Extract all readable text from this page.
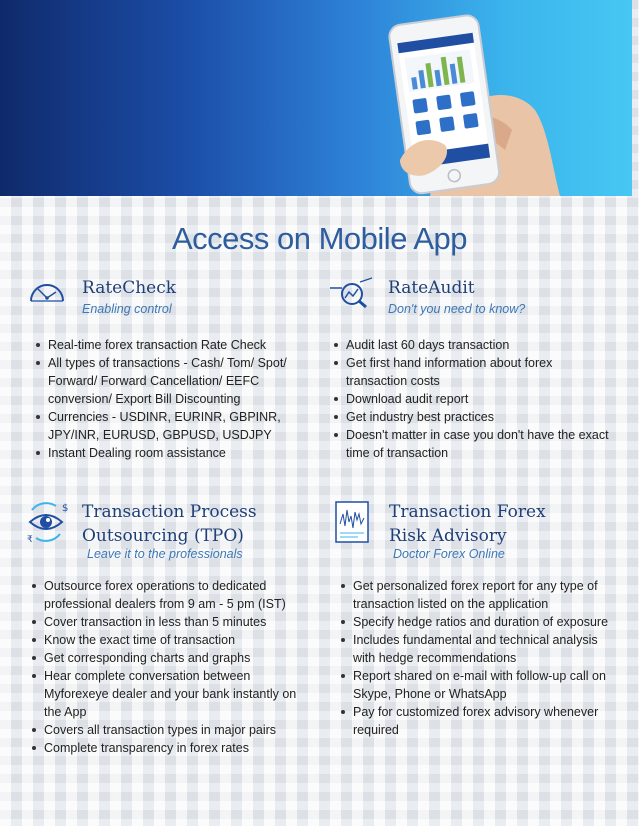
Access on Mobile App
RateCheck

Enabling control

Real-time forex transaction Rate Check
All types of transactions - Cash/ Tom/ Spot/ Forward/ Forward Cancellation/ EEFC conversion/ Export Bill Discounting
Currencies - USDINR, EURINR, GBPINR, JPY/INR, EURUSD, GBPUSD, USDJPY
Instant Dealing room assistance
RateAudit

Don't you need to know?

Audit last 60 days transaction
Get first hand information about forex transaction costs
Download audit report
Get industry best practices
Doesn't matter in case you don't have the exact time of transaction
$
₹
Transaction Process
Outsourcing (TPO)

Leave it to the professionals

Outsource forex operations to dedicated professional dealers from 9 am - 5 pm (IST)
Cover transaction in less than 5 minutes
Know the exact time of transaction
Get corresponding charts and graphs
Hear complete conversation between Myforexeye dealer and your bank instantly on the App
Covers all transaction types in major pairs
Complete transparency in forex rates
Transaction Forex
Risk Advisory

Doctor Forex Online

Get personalized forex report for any type of transaction listed on the application
Specify hedge ratios and duration of exposure
Includes fundamental and technical analysis with hedge recommendations
Report shared on e-mail with follow-up call on Skype, Phone or WhatsApp
Pay for customized forex advisory whenever required
